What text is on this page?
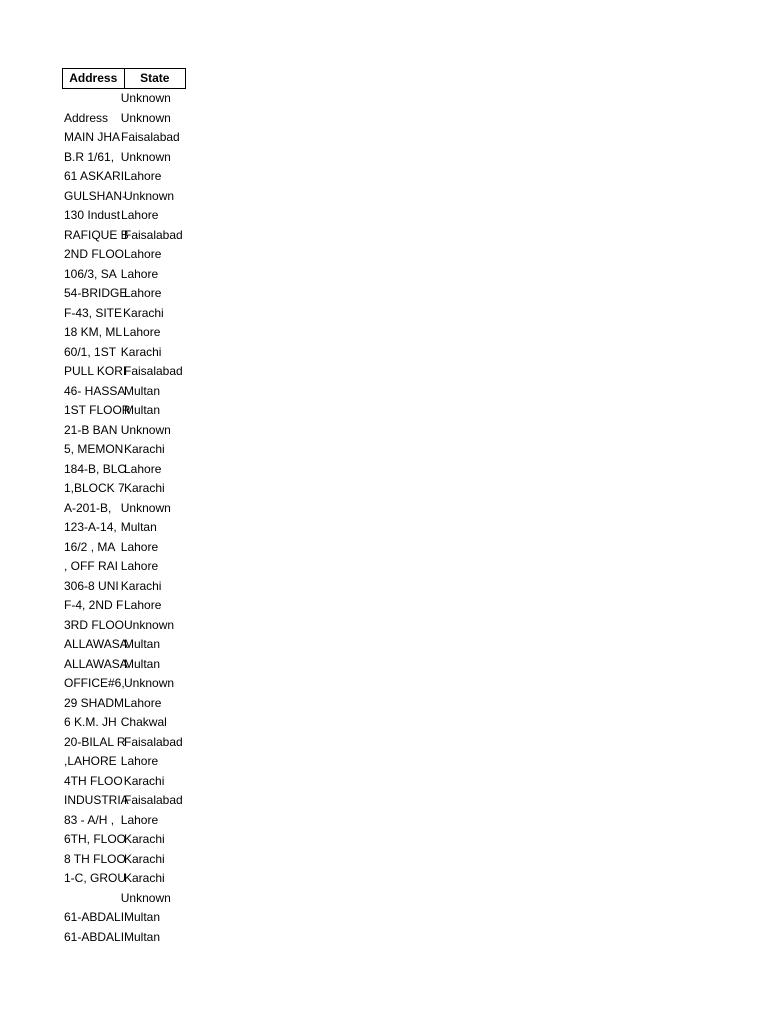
Address	State
Unknown
Address	Unknown
MAIN JHA Faisalabad
B.R 1/61, Unknown
61 ASKARI Lahore
GULSHAN-
Unknown
130 Indust Lahore
RAFIQUE B
Faisalabad
2ND FLOO Lahore
106/3, SA Lahore
54-BRIDGE
Lahore
F-43, SITE Karachi
18 KM, ML Lahore
60/1, 1ST Karachi
PULL KORI
Faisalabad
46- HASSA
Multan
1ST FLOOR
Multan
21-B BAN Unknown
5, MEMON Karachi
184-B, BLC
Lahore
1,BLOCK 7 Karachi
A-201-B, Unknown
123-A-14, Multan
16/2 , MA Lahore
, OFF RAI Lahore
306-8 UNI Karachi
F-4, 2ND F Lahore
3RD FLOO Unknown
ALLAWASA
Multan
ALLAWASA
Multan
OFFICE#6, Unknown
29 SHADM Lahore
6 K.M. JH Chakwal
20-BILAL R
Faisalabad
,LAHORE Lahore
4TH FLOO Karachi
INDUSTRIA
Faisalabad
83 - A/H , Lahore
6TH, FLOO
Karachi
8 TH FLOO
Karachi
1-C, GROU
Karachi
Unknown
61-ABDALI Multan
61-ABDALI Multan
